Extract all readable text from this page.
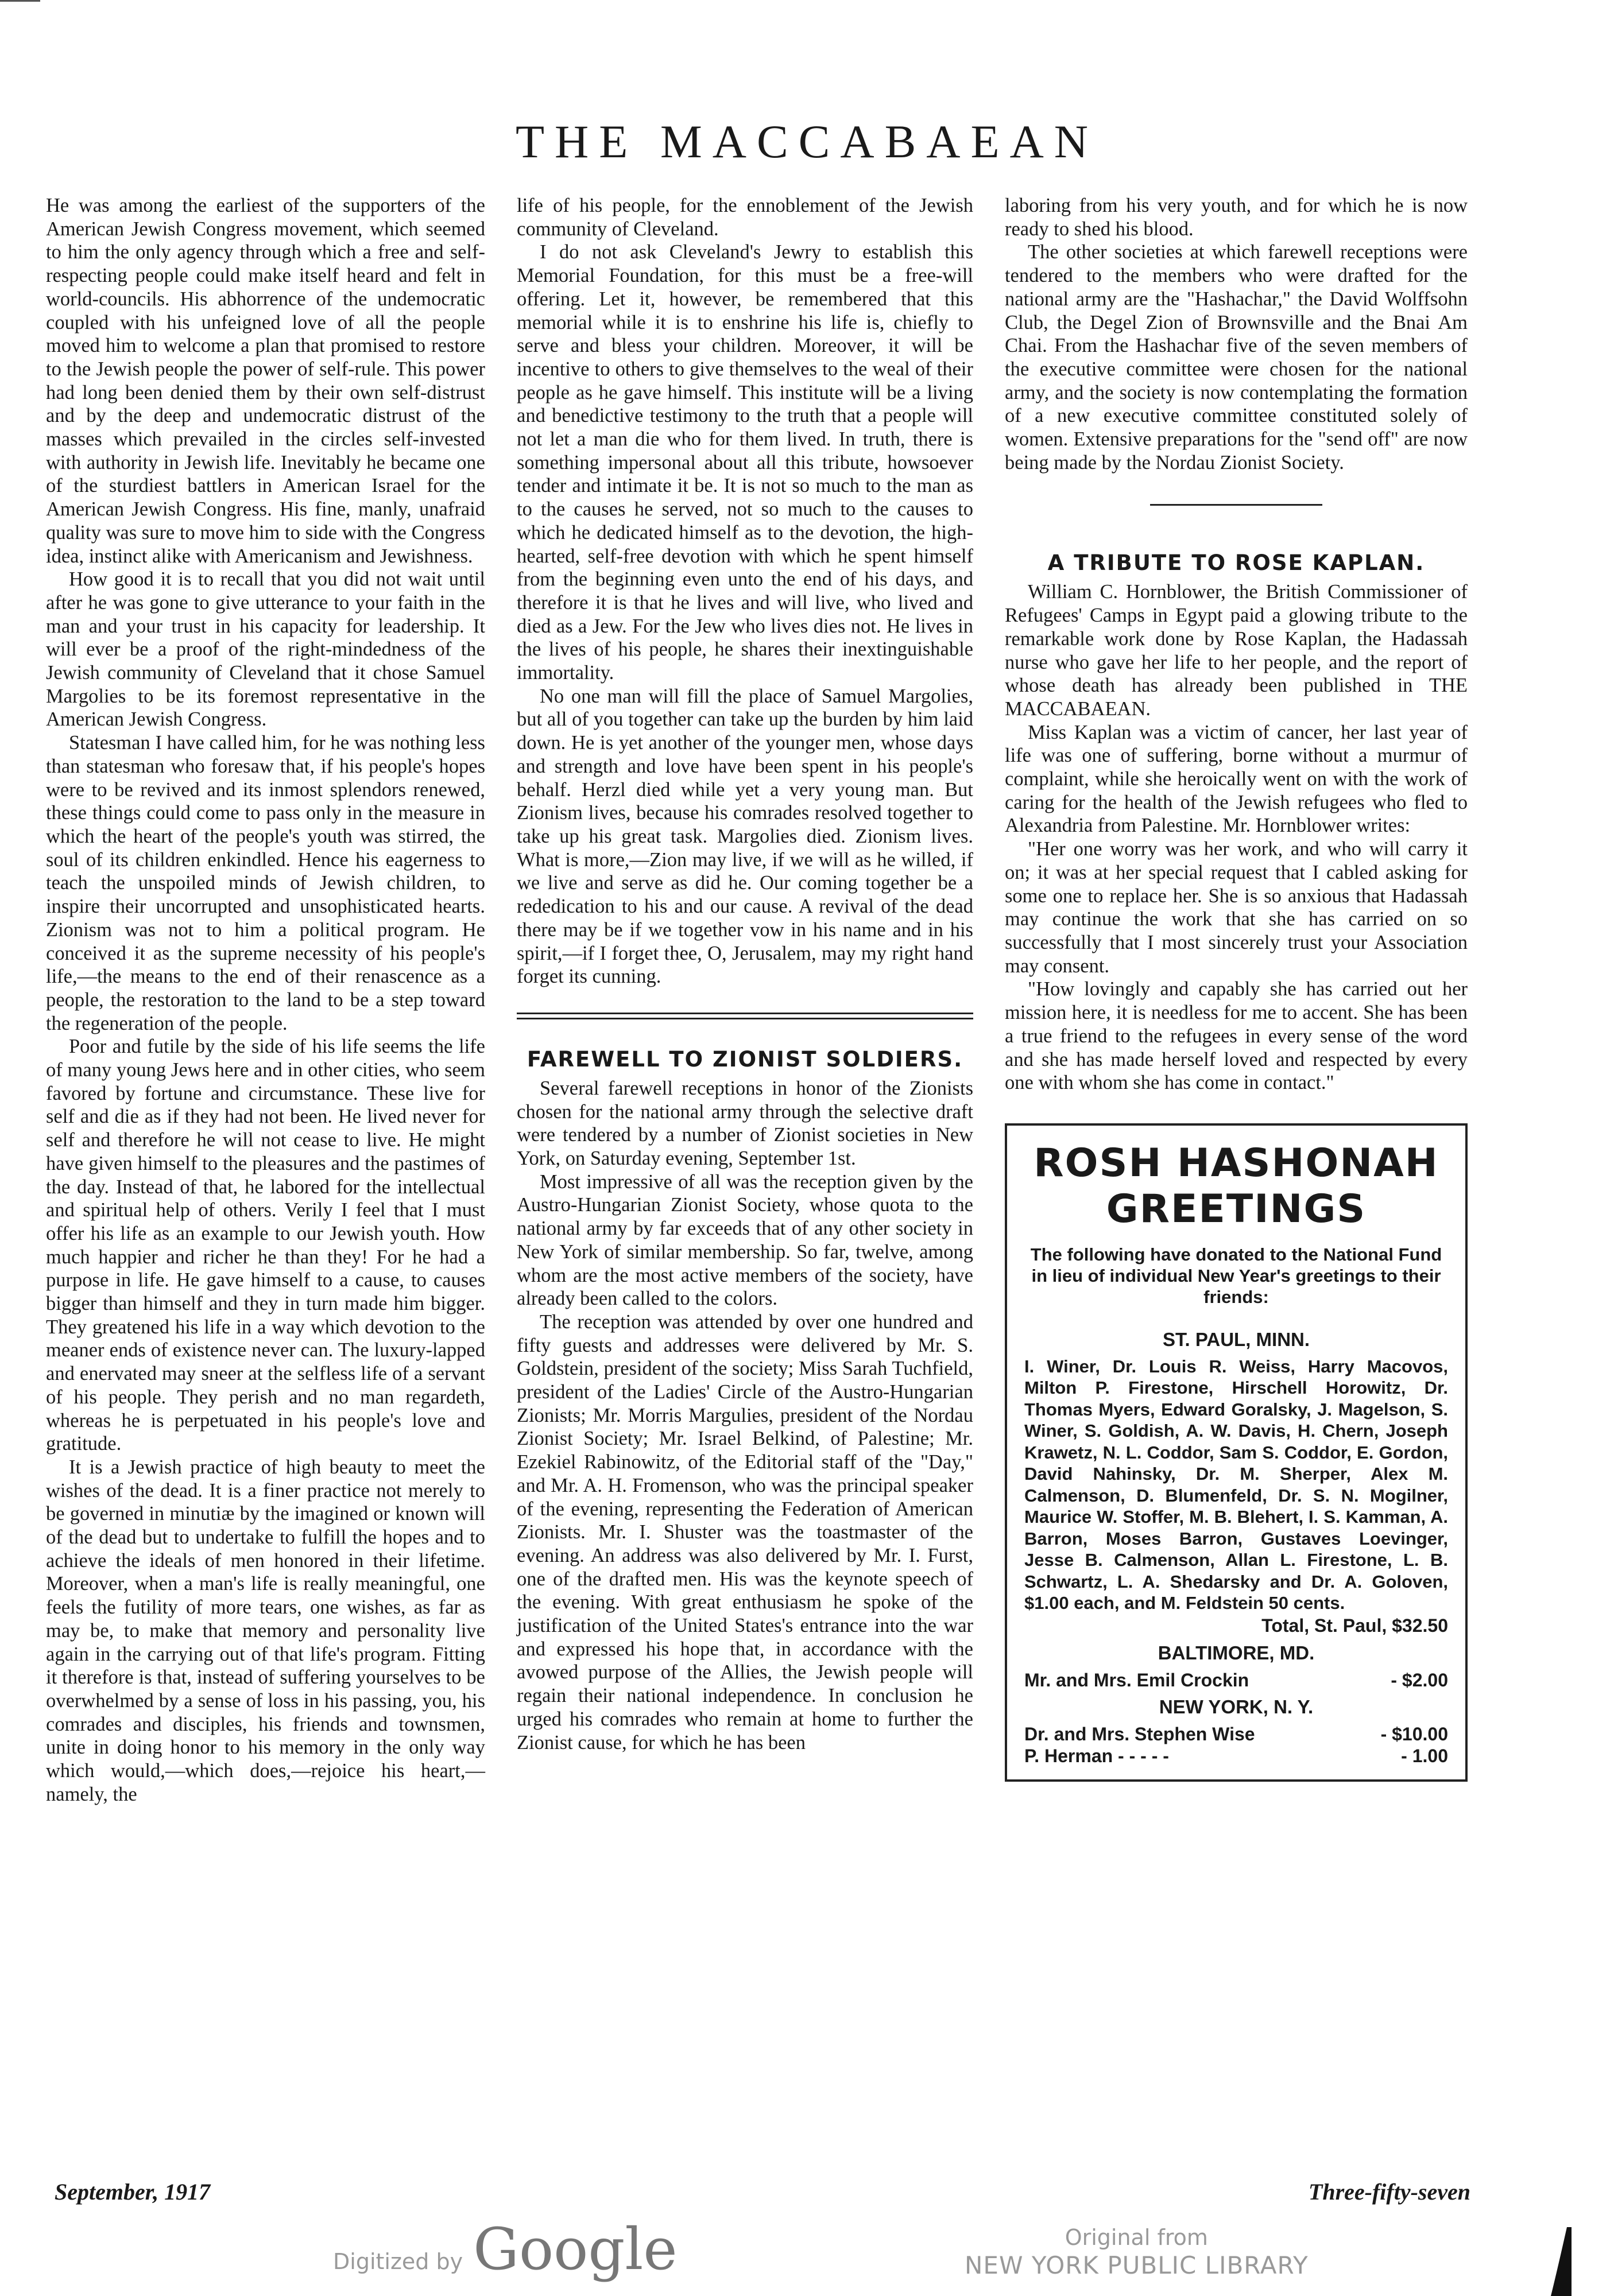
THE MACCABAEAN

He was among the earliest of the supporters of the American Jewish Congress movement, which seemed to him the only agency through which a free and self-respecting people could make itself heard and felt in world-councils. His abhorrence of the undemocratic coupled with his unfeigned love of all the people moved him to welcome a plan that promised to restore to the Jewish people the power of self-rule. This power had long been denied them by their own self-distrust and by the deep and undemocratic distrust of the masses which prevailed in the circles self-invested with authority in Jewish life. Inevitably he became one of the sturdiest battlers in American Israel for the American Jewish Congress. His fine, manly, unafraid quality was sure to move him to side with the Congress idea, instinct alike with Americanism and Jewishness.

How good it is to recall that you did not wait until after he was gone to give utterance to your faith in the man and your trust in his capacity for leadership. It will ever be a proof of the right-mindedness of the Jewish community of Cleveland that it chose Samuel Margolies to be its foremost representative in the American Jewish Congress.

Statesman I have called him, for he was nothing less than statesman who foresaw that, if his people's hopes were to be revived and its inmost splendors renewed, these things could come to pass only in the measure in which the heart of the people's youth was stirred, the soul of its children enkindled. Hence his eagerness to teach the unspoiled minds of Jewish children, to inspire their uncorrupted and unsophisticated hearts. Zionism was not to him a political program. He conceived it as the supreme necessity of his people's life,—the means to the end of their renascence as a people, the restoration to the land to be a step toward the regeneration of the people.

Poor and futile by the side of his life seems the life of many young Jews here and in other cities, who seem favored by fortune and circumstance. These live for self and die as if they had not been. He lived never for self and therefore he will not cease to live. He might have given himself to the pleasures and the pastimes of the day. Instead of that, he labored for the intellectual and spiritual help of others. Verily I feel that I must offer his life as an example to our Jewish youth. How much happier and richer he than they! For he had a purpose in life. He gave himself to a cause, to causes bigger than himself and they in turn made him bigger. They greatened his life in a way which devotion to the meaner ends of existence never can. The luxury-lapped and enervated may sneer at the selfless life of a servant of his people. They perish and no man regardeth, whereas he is perpetuated in his people's love and gratitude.

It is a Jewish practice of high beauty to meet the wishes of the dead. It is a finer practice not merely to be governed in minutiæ by the imagined or known will of the dead but to undertake to fulfill the hopes and to achieve the ideals of men honored in their lifetime. Moreover, when a man's life is really meaningful, one feels the futility of more tears, one wishes, as far as may be, to make that memory and personality live again in the carrying out of that life's program. Fitting it therefore is that, instead of suffering yourselves to be overwhelmed by a sense of loss in his passing, you, his comrades and disciples, his friends and townsmen, unite in doing honor to his memory in the only way which would,—which does,—rejoice his heart,—namely, the

life of his people, for the ennoblement of the Jewish community of Cleveland.

I do not ask Cleveland's Jewry to establish this Memorial Foundation, for this must be a free-will offering. Let it, however, be remembered that this memorial while it is to enshrine his life is, chiefly to serve and bless your children. Moreover, it will be incentive to others to give themselves to the weal of their people as he gave himself. This institute will be a living and benedictive testimony to the truth that a people will not let a man die who for them lived. In truth, there is something impersonal about all this tribute, howsoever tender and intimate it be. It is not so much to the man as to the causes he served, not so much to the causes to which he dedicated himself as to the devotion, the high-hearted, self-free devotion with which he spent himself from the beginning even unto the end of his days, and therefore it is that he lives and will live, who lived and died as a Jew. For the Jew who lives dies not. He lives in the lives of his people, he shares their inextinguishable immortality.

No one man will fill the place of Samuel Margolies, but all of you together can take up the burden by him laid down. He is yet another of the younger men, whose days and strength and love have been spent in his people's behalf. Herzl died while yet a very young man. But Zionism lives, because his comrades resolved together to take up his great task. Margolies died. Zionism lives. What is more,—Zion may live, if we will as he willed, if we live and serve as did he. Our coming together be a rededication to his and our cause. A revival of the dead there may be if we together vow in his name and in his spirit,—if I forget thee, O, Jerusalem, may my right hand forget its cunning.

FAREWELL TO ZIONIST SOLDIERS.

Several farewell receptions in honor of the Zionists chosen for the national army through the selective draft were tendered by a number of Zionist societies in New York, on Saturday evening, September 1st.

Most impressive of all was the reception given by the Austro-Hungarian Zionist Society, whose quota to the national army by far exceeds that of any other society in New York of similar membership. So far, twelve, among whom are the most active members of the society, have already been called to the colors.

The reception was attended by over one hundred and fifty guests and addresses were delivered by Mr. S. Goldstein, president of the society; Miss Sarah Tuchfield, president of the Ladies' Circle of the Austro-Hungarian Zionists; Mr. Morris Margulies, president of the Nordau Zionist Society; Mr. Israel Belkind, of Palestine; Mr. Ezekiel Rabinowitz, of the Editorial staff of the "Day," and Mr. A. H. Fromenson, who was the principal speaker of the evening, representing the Federation of American Zionists. Mr. I. Shuster was the toastmaster of the evening. An address was also delivered by Mr. I. Furst, one of the drafted men. His was the keynote speech of the evening. With great enthusiasm he spoke of the justification of the United States's entrance into the war and expressed his hope that, in accordance with the avowed purpose of the Allies, the Jewish people will regain their national independence. In conclusion he urged his comrades who remain at home to further the Zionist cause, for which he has been

laboring from his very youth, and for which he is now ready to shed his blood.

The other societies at which farewell receptions were tendered to the members who were drafted for the national army are the "Hashachar," the David Wolffsohn Club, the Degel Zion of Brownsville and the Bnai Am Chai. From the Hashachar five of the seven members of the executive committee were chosen for the national army, and the society is now contemplating the formation of a new executive committee constituted solely of women. Extensive preparations for the "send off" are now being made by the Nordau Zionist Society.

A TRIBUTE TO ROSE KAPLAN.

William C. Hornblower, the British Commissioner of Refugees' Camps in Egypt paid a glowing tribute to the remarkable work done by Rose Kaplan, the Hadassah nurse who gave her life to her people, and the report of whose death has already been published in THE MACCABAEAN.

Miss Kaplan was a victim of cancer, her last year of life was one of suffering, borne without a murmur of complaint, while she heroically went on with the work of caring for the health of the Jewish refugees who fled to Alexandria from Palestine. Mr. Hornblower writes:

"Her one worry was her work, and who will carry it on; it was at her special request that I cabled asking for some one to replace her. She is so anxious that Hadassah may continue the work that she has carried on so successfully that I most sincerely trust your Association may consent.

"How lovingly and capably she has carried out her mission here, it is needless for me to accent. She has been a true friend to the refugees in every sense of the word and she has made herself loved and respected by every one with whom she has come in contact."

ROSH HASHONAH
GREETINGS
The following have donated to the National Fund in lieu of individual New Year's greetings to their friends:
ST. PAUL, MINN.
I. Winer, Dr. Louis R. Weiss, Harry Macovos, Milton P. Firestone, Hirschell Horowitz, Dr. Thomas Myers, Edward Goralsky, J. Magelson, S. Winer, S. Goldish, A. W. Davis, H. Chern, Joseph Krawetz, N. L. Coddor, Sam S. Coddor, E. Gordon, David Nahinsky, Dr. M. Sherper, Alex M. Calmenson, D. Blumenfeld, Dr. S. N. Mogilner, Maurice W. Stoffer, M. B. Blehert, I. S. Kamman, A. Barron, Moses Barron, Gustaves Loevinger, Jesse B. Calmenson, Allan L. Firestone, L. B. Schwartz, L. A. Shedarsky and Dr. A. Goloven, $1.00 each, and M. Feldstein 50 cents.
Total, St. Paul, $32.50
BALTIMORE, MD.
Mr. and Mrs. Emil Crockin	- $2.00
NEW YORK, N. Y.
Dr. and Mrs. Stephen Wise	- $10.00
P. Herman - - - - -	- 1.00
September, 1917	Three-fifty-seven
Digitized by Google	Original from
NEW YORK PUBLIC LIBRARY
